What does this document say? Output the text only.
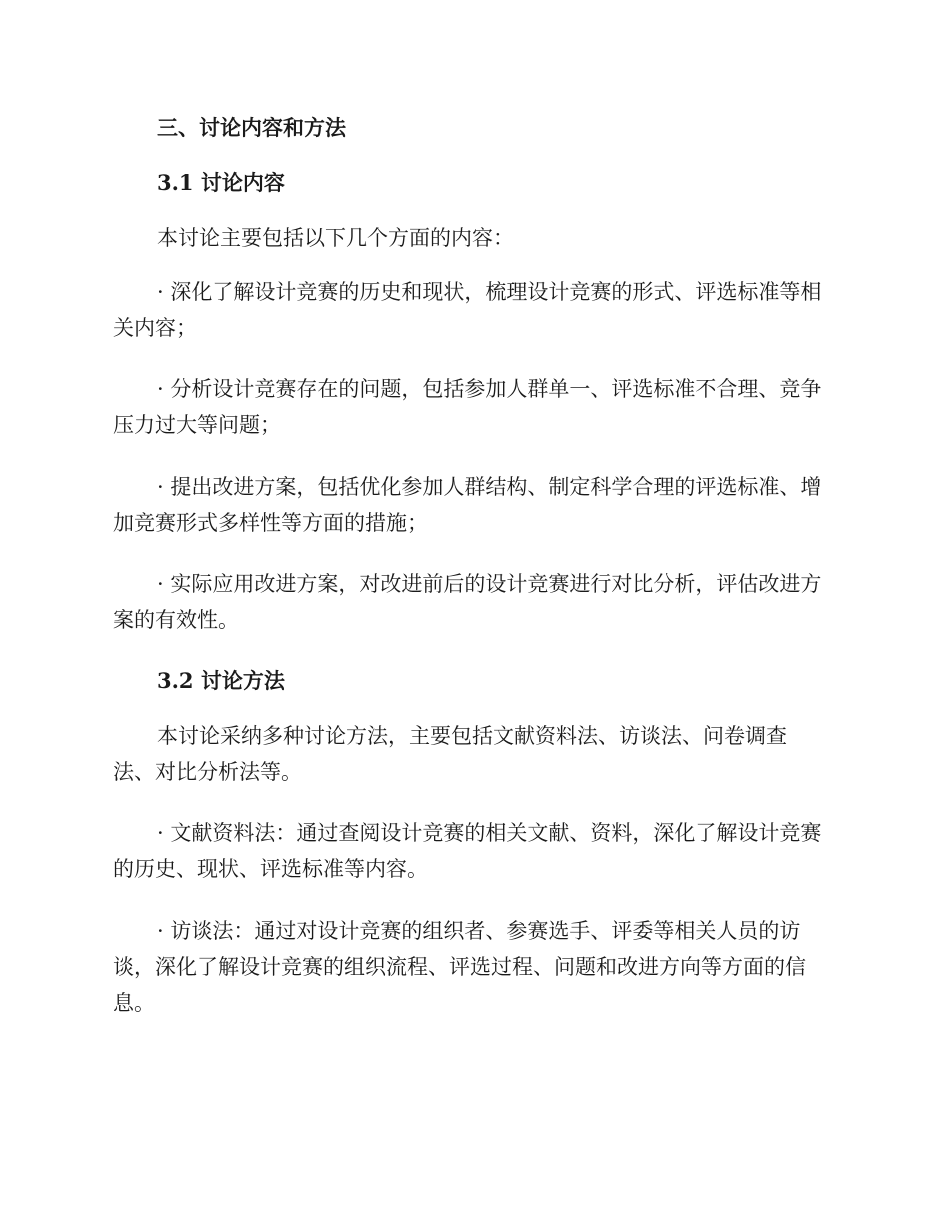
三、讨论内容和方法
3.1 讨论内容

本讨论主要包括以下几个方面的内容：

· 深化了解设计竞赛的历史和现状，梳理设计竞赛的形式、评选标准等相关内容；

· 分析设计竞赛存在的问题，包括参加人群单一、评选标准不合理、竞争压力过大等问题；

· 提出改进方案，包括优化参加人群结构、制定科学合理的评选标准、增加竞赛形式多样性等方面的措施；

· 实际应用改进方案，对改进前后的设计竞赛进行对比分析，评估改进方案的有效性。

3.2 讨论方法

本讨论采纳多种讨论方法，主要包括文献资料法、访谈法、问卷调查法、对比分析法等。

· 文献资料法：通过查阅设计竞赛的相关文献、资料，深化了解设计竞赛的历史、现状、评选标准等内容。

· 访谈法：通过对设计竞赛的组织者、参赛选手、评委等相关人员的访谈，深化了解设计竞赛的组织流程、评选过程、问题和改进方向等方面的信息。
